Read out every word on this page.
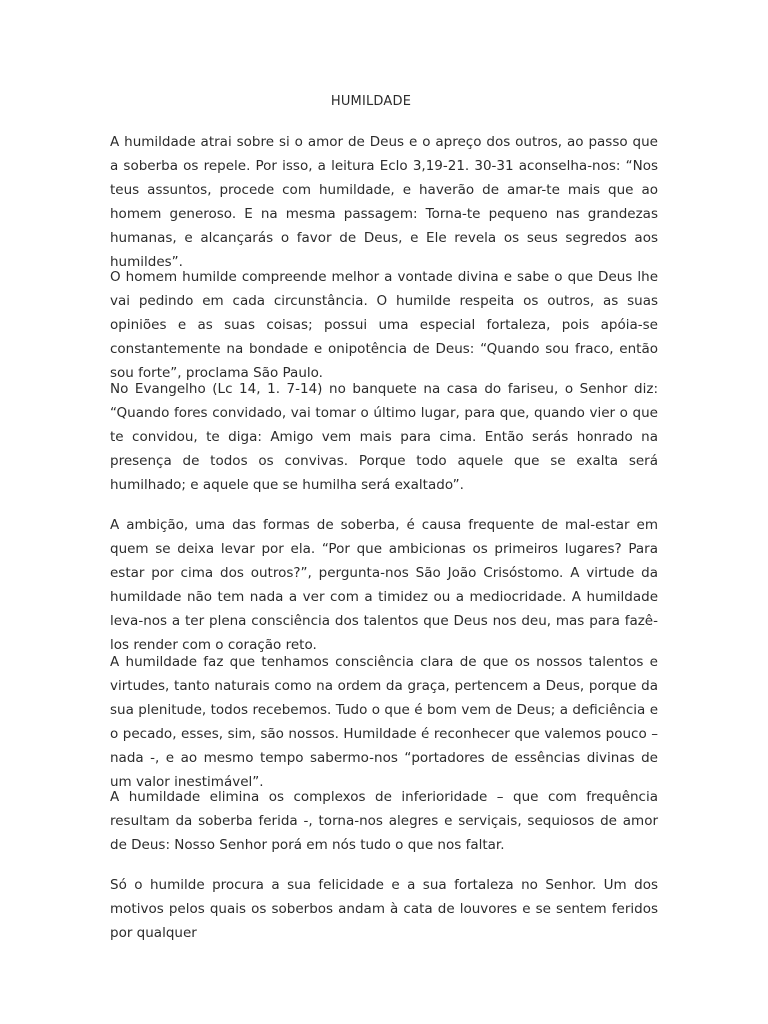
HUMILDADE

A humildade atrai sobre si o amor de Deus e o apreço dos outros, ao passo que a soberba os repele. Por isso, a leitura Eclo 3,19-21. 30-31 aconselha-nos: “Nos teus assuntos, procede com humildade, e haverão de amar-te mais que ao homem generoso. E na mesma passagem: Torna-te pequeno nas grandezas humanas, e alcançarás o favor de Deus, e Ele revela os seus segredos aos humildes”.

O homem humilde compreende melhor a vontade divina e sabe o que Deus lhe vai pedindo em cada circunstância. O humilde respeita os outros, as suas opiniões e as suas coisas; possui uma especial fortaleza, pois apóia-se constantemente na bondade e onipotência de Deus: “Quando sou fraco, então sou forte”, proclama São Paulo.

No Evangelho (Lc 14, 1. 7-14) no banquete na casa do fariseu, o Senhor diz: “Quando fores convidado, vai tomar o último lugar, para que, quando vier o que te convidou, te diga: Amigo vem mais para cima. Então serás honrado na presença de todos os convivas. Porque todo aquele que se exalta será humilhado; e aquele que se humilha será exaltado”.

A ambição, uma das formas de soberba, é causa frequente de mal-estar em quem se deixa levar por ela. “Por que ambicionas os primeiros lugares? Para estar por cima dos outros?”, pergunta-nos São João Crisóstomo. A virtude da humildade não tem nada a ver com a timidez ou a mediocridade. A humildade leva-nos a ter plena consciência dos talentos que Deus nos deu, mas para fazê-los render com o coração reto.

A humildade faz que tenhamos consciência clara de que os nossos talentos e virtudes, tanto naturais como na ordem da graça, pertencem a Deus, porque da sua plenitude, todos recebemos. Tudo o que é bom vem de Deus; a deficiência e o pecado, esses, sim, são nossos. Humildade é reconhecer que valemos pouco – nada -, e ao mesmo tempo sabermo-nos “portadores de essências divinas de um valor inestimável”.

A humildade elimina os complexos de inferioridade – que com frequência resultam da soberba ferida -, torna-nos alegres e serviçais, sequiosos de amor de Deus: Nosso Senhor porá em nós tudo o que nos faltar.

Só o humilde procura a sua felicidade e a sua fortaleza no Senhor. Um dos motivos pelos quais os soberbos andam à cata de louvores e se sentem feridos por qualquer
